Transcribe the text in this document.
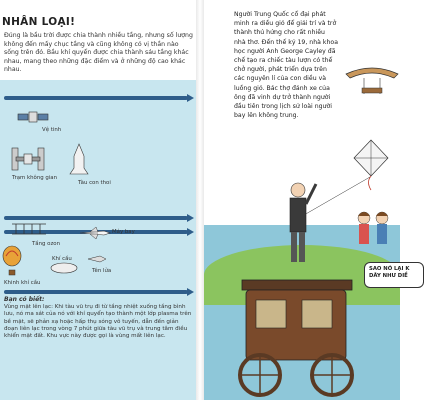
NHÂN LOẠI!
Đúng là bầu trời được chia thành nhiều tầng, nhưng số lượng không đến mấy chục tầng và cũng không có vị thần nào sống trên đó. Bầu khí quyển được chia thành sáu tầng khác nhau, mang theo những đặc điểm và ở những độ cao khác nhau.
Vệ tinh
Trạm không gian
Tàu con thoi
Tầng ozon
Máy bay
Khí cầu
Tên lửa
Khinh khí cầu
Bạn có biết:
Vùng mặt lên lạc: Khi tàu vũ trụ đi từ tầng nhiệt xuống tầng bình lưu, nó ma sát của nó với khí quyển tạo thành một lớp plasma trên bề mặt, sẽ phản xạ hoặc hấp thụ sóng vô tuyến, dẫn đến giản đoạn liên lạc trong vòng 7 phút giữa tàu vũ trụ và trung tâm điều khiển mặt đất. Khu vực này được gọi là vùng mất liên lạc.
Người Trung Quốc cổ đại phát minh ra diều gió để giải trí và trở thành thú hứng cho rất nhiều nhà thơ. Đến thế kỷ 19, nhà khoa học người Anh George Cayley đã chế tạo ra chiếc tàu lượn có thể chở người, phát triển dựa trên các nguyên lí của con diều và luồng gió. Bác thợ đánh xe của ông đã vinh dự trở thành người đầu tiên trong lịch sử loài người bay lên không trung.
SAO NÓ LẠI K
DÂY NHƯ DIỀ
